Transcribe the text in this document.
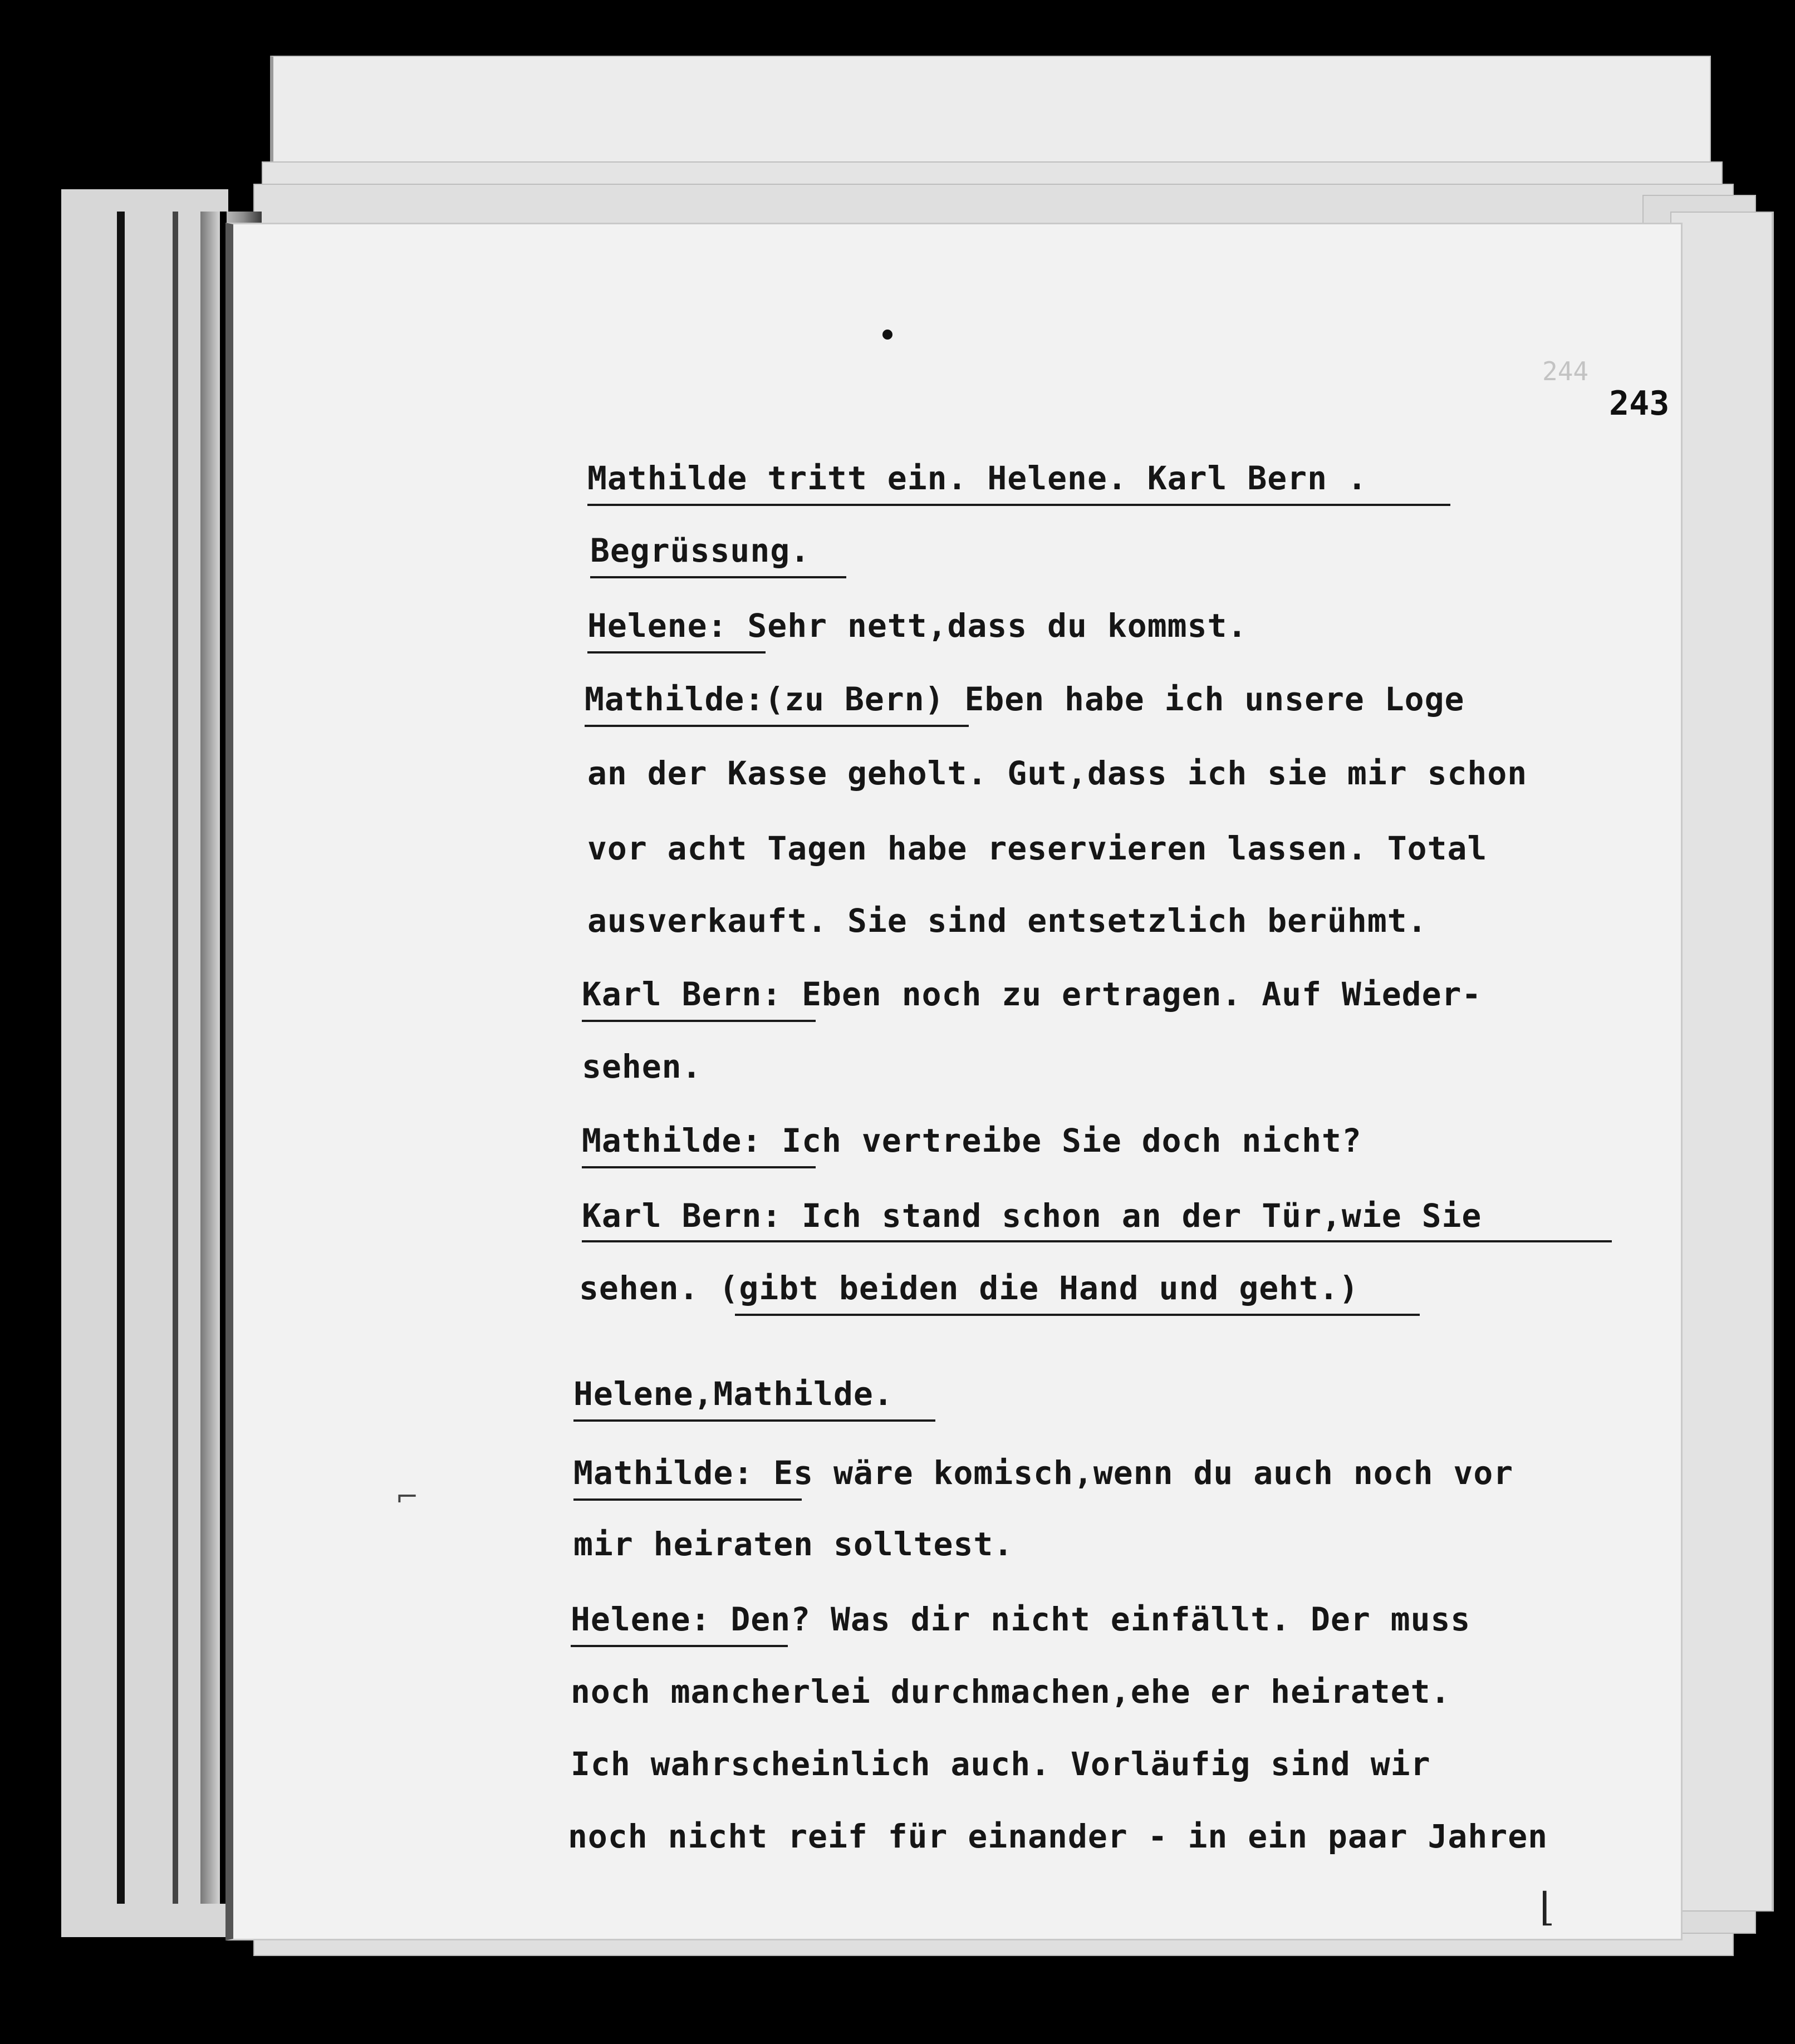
244
243

Mathilde tritt ein. Helene. Karl Bern .

Begrüssung.

Helene: Sehr nett,dass du kommst.

Mathilde:(zu Bern) Eben habe ich unsere Loge

an der Kasse geholt. Gut,dass ich sie mir schon

vor acht Tagen habe reservieren lassen. Total

ausverkauft. Sie sind entsetzlich berühmt.

Karl Bern: Eben noch zu ertragen. Auf Wieder-

sehen.

Mathilde: Ich vertreibe Sie doch nicht?

Karl Bern: Ich stand schon an der Tür,wie Sie

sehen. (gibt beiden die Hand und geht.)

Helene,Mathilde.

Mathilde: Es wäre komisch,wenn du auch noch vor

mir heiraten solltest.

Helene: Den? Was dir nicht einfällt. Der muss

noch mancherlei durchmachen,ehe er heiratet.

Ich wahrscheinlich auch. Vorläufig sind wir

noch nicht reif für einander - in ein paar Jahren

⌐
⌊
